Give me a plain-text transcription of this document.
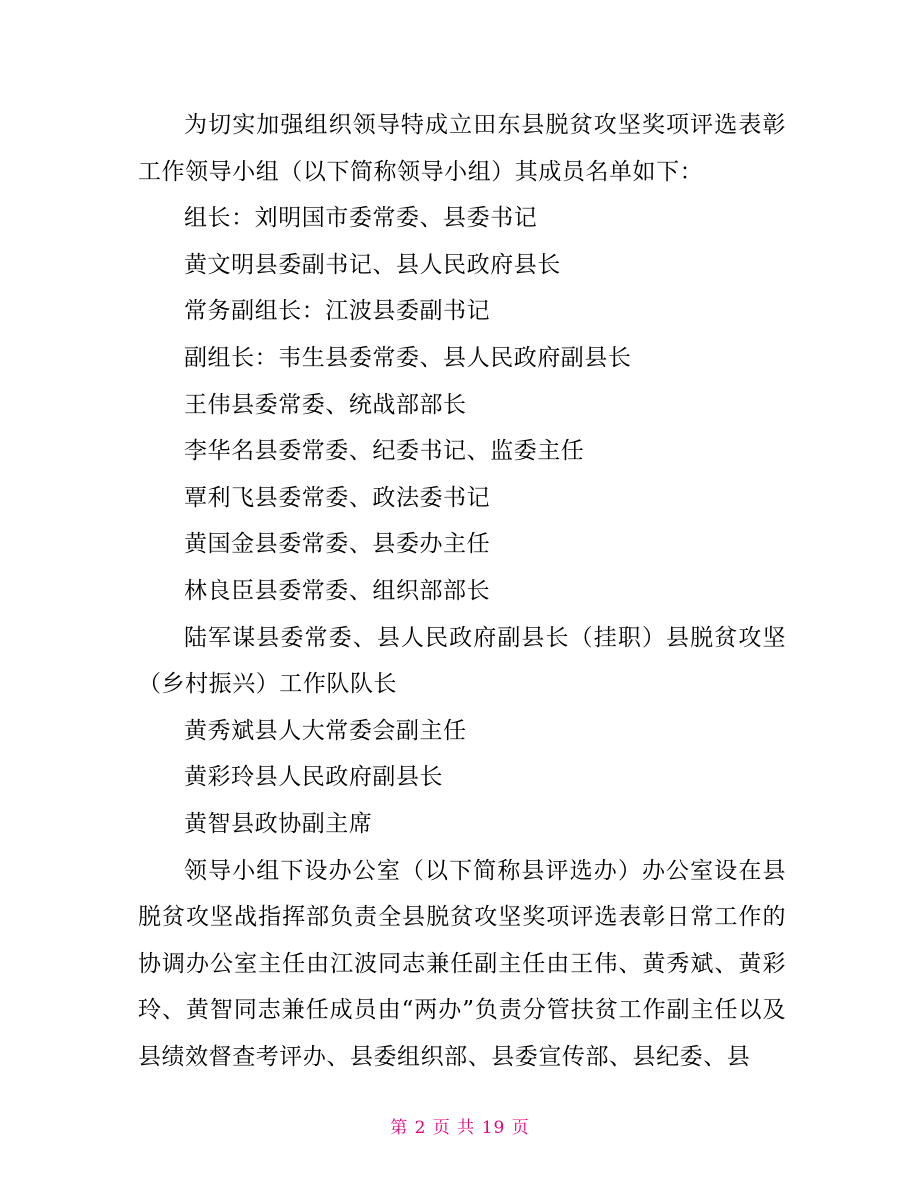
为切实加强组织领导特成立田东县脱贫攻坚奖项评选表彰工作领导小组（以下简称领导小组）其成员名单如下：

组长：刘明国市委常委、县委书记

黄文明县委副书记、县人民政府县长

常务副组长：江波县委副书记

副组长：韦生县委常委、县人民政府副县长

王伟县委常委、统战部部长

李华名县委常委、纪委书记、监委主任

覃利飞县委常委、政法委书记

黄国金县委常委、县委办主任

林良臣县委常委、组织部部长

陆军谋县委常委、县人民政府副县长（挂职）县脱贫攻坚（乡村振兴）工作队队长

黄秀斌县人大常委会副主任

黄彩玲县人民政府副县长

黄智县政协副主席

领导小组下设办公室（以下简称县评选办）办公室设在县脱贫攻坚战指挥部负责全县脱贫攻坚奖项评选表彰日常工作的协调办公室主任由江波同志兼任副主任由王伟、黄秀斌、黄彩玲、黄智同志兼任成员由“两办”负责分管扶贫工作副主任以及县绩效督查考评办、县委组织部、县委宣传部、县纪委、县

第 2 页 共 19 页
